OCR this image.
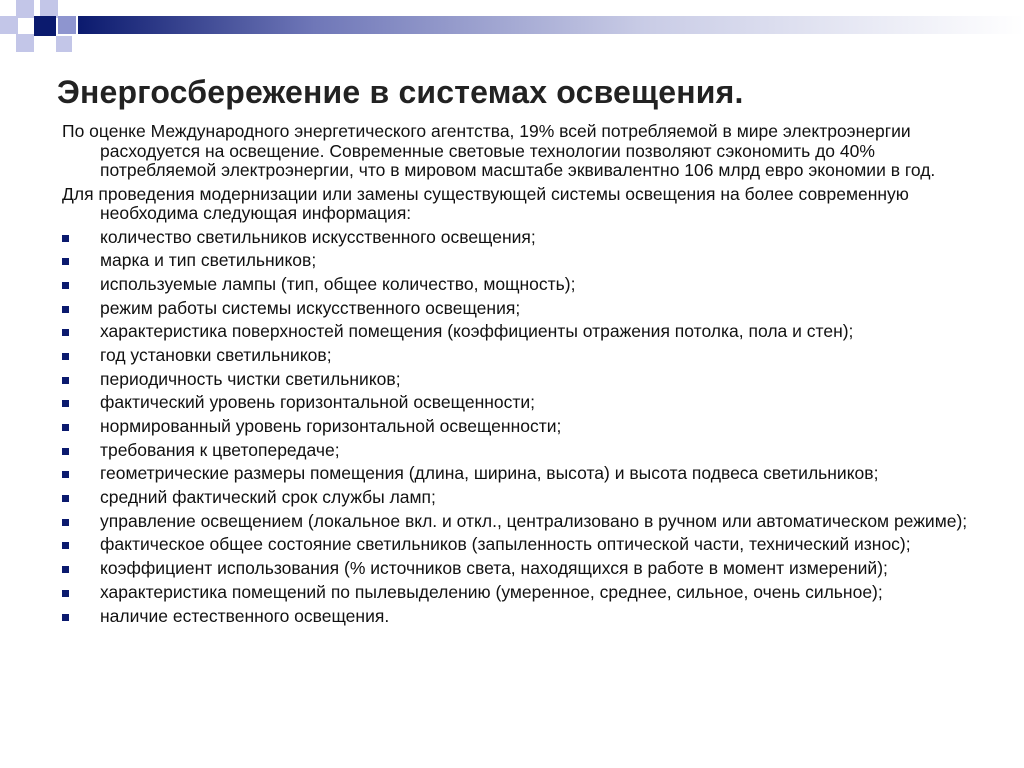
Энергосбережение в системах освещения.

По оценке Международного энергетического агентства, 19% всей потребляемой в мире электроэнергии расходуется на освещение. Современные световые технологии позволяют сэкономить до 40% потребляемой электроэнергии, что в мировом масштабе эквивалентно 106 млрд евро экономии в год.

Для проведения модернизации или замены существующей системы освещения на более современную необходима следующая информация:

количество светильников искусственного освещения;
марка и тип светильников;
используемые лампы (тип, общее количество, мощность);
режим работы системы искусственного освещения;
характеристика поверхностей помещения (коэффициенты отражения потолка, пола и стен);
год установки светильников;
периодичность чистки светильников;
фактический уровень горизонтальной освещенности;
нормированный уровень горизонтальной освещенности;
требования к цветопередаче;
геометрические размеры помещения (длина, ширина, высота) и высота подвеса светильников;
средний фактический срок службы ламп;
управление освещением (локальное вкл. и откл., централизовано в ручном или автоматическом режиме);
фактическое общее состояние светильников (запыленность оптической части, технический износ);
коэффициент использования (% источников света, находящихся в работе в момент измерений);
характеристика помещений по пылевыделению (умеренное, среднее, сильное, очень сильное);
наличие естественного освещения.
